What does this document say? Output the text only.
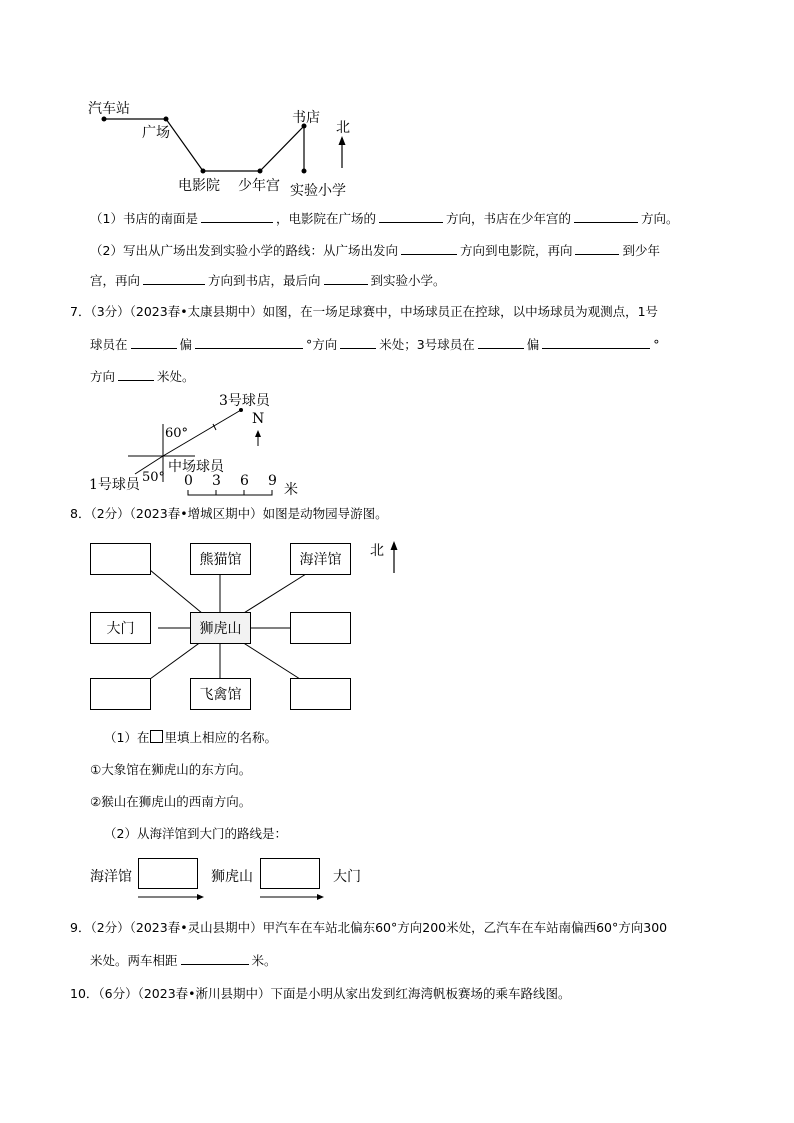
汽车站
广场
电影院 少年宫
书店
实验小学
北
（1）书店的南面是	，电影院在广场的	方向，书店在少年宫的	方向。
（2）写出从广场出发到实验小学的路线：从广场出发向	方向到电影院，再向	到少年
宫，再向	方向到书店，最后向	到实验小学。
7．（3分）（2023春•太康县期中）如图，在一场足球赛中，中场球员正在控球，以中场球员为观测点，1号
球员在	偏	°方向	米处；3号球员在	偏	°
方向	米处。
3号球员
N
60°
中场球员
1号球员 50° 0 3 6 9
米
8．（2分）（2023春•增城区期中）如图是动物园导游图。
熊猫馆	海洋馆
北
大门	狮虎山
飞禽馆
（1）在 里填上相应的名称。
①大象馆在狮虎山的东方向。
②猴山在狮虎山的西南方向。
（2）从海洋馆到大门的路线是：
海洋馆	狮虎山	大门
9．（2分）（2023春•灵山县期中）甲汽车在车站北偏东60°方向200米处，乙汽车在车站南偏西60°方向300
米处。两车相距	米。
10．（6分）（2023春•淅川县期中）下面是小明从家出发到红海湾帆板赛场的乘车路线图。
